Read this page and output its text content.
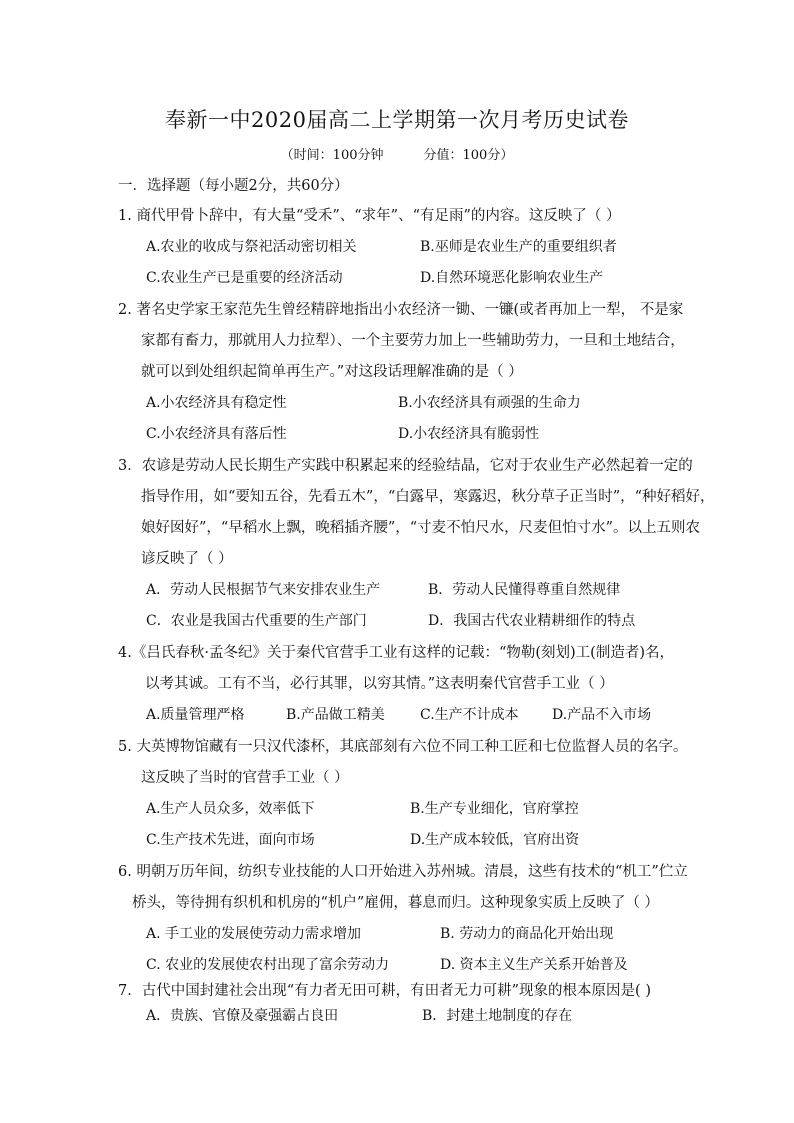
奉新一中2020届高二上学期第一次月考历史试卷
（时间：100分钟	分值：100分）
一．选择题（每小题2分，共60分）
1. 商代甲骨卜辞中，有大量“受禾”、“求年”、“有足雨”的内容。这反映了（ ）
A.农业的收成与祭祀活动密切相关	B.巫师是农业生产的重要组织者
C.农业生产已是重要的经济活动	D.自然环境恶化影响农业生产
2. 著名史学家王家范先生曾经精辟地指出小农经济一锄、一镰(或者再加上一犁， 不是家
家都有畜力，那就用人力拉犁）、一个主要劳力加上一些辅助劳力，一旦和土地结合，
就可以到处组织起简单再生产。”对这段话理解准确的是（ ）
A.小农经济具有稳定性	B.小农经济具有顽强的生命力
C.小农经济具有落后性	D.小农经济具有脆弱性
3．农谚是劳动人民长期生产实践中积累起来的经验结晶，它对于农业生产必然起着一定的
指导作用，如“要知五谷，先看五木”，“白露早，寒露迟，秋分草子正当时”，“种好稻好，
娘好囡好”，“早稻水上飘，晚稻插齐腰”，“寸麦不怕尺水，尺麦但怕寸水”。以上五则农
谚反映了（ ）
A．劳动人民根据节气来安排农业生产	B．劳动人民懂得尊重自然规律
C．农业是我国古代重要的生产部门	D．我国古代农业精耕细作的特点
4.《吕氏春秋·孟冬纪》关于秦代官营手工业有这样的记载：“物勒(刻划)工(制造者)名，
以考其诚。工有不当，必行其罪，以穷其情。”这表明秦代官营手工业（ ）
A.质量管理严格	B.产品做工精美	C.生产不计成本 D.产品不入市场
5. 大英博物馆藏有一只汉代漆杯，其底部刻有六位不同工种工匠和七位监督人员的名字。
这反映了当时的官营手工业（ ）
A.生产人员众多，效率低下	B.生产专业细化，官府掌控
C.生产技术先进，面向市场	D.生产成本较低，官府出资
6. 明朝万历年间，纺织专业技能的人口开始进入苏州城。清晨，这些有技术的“机工”伫立
桥头，等待拥有织机和机房的“机户”雇佣，暮息而归。这种现象实质上反映了（ ）
A. 手工业的发展使劳动力需求增加	B. 劳动力的商品化开始出现
C. 农业的发展使农村出现了富余劳动力	D. 资本主义生产关系开始普及
7．古代中国封建社会出现“有力者无田可耕，有田者无力可耕”现象的根本原因是( )
A．贵族、官僚及豪强霸占良田	B．封建土地制度的存在
